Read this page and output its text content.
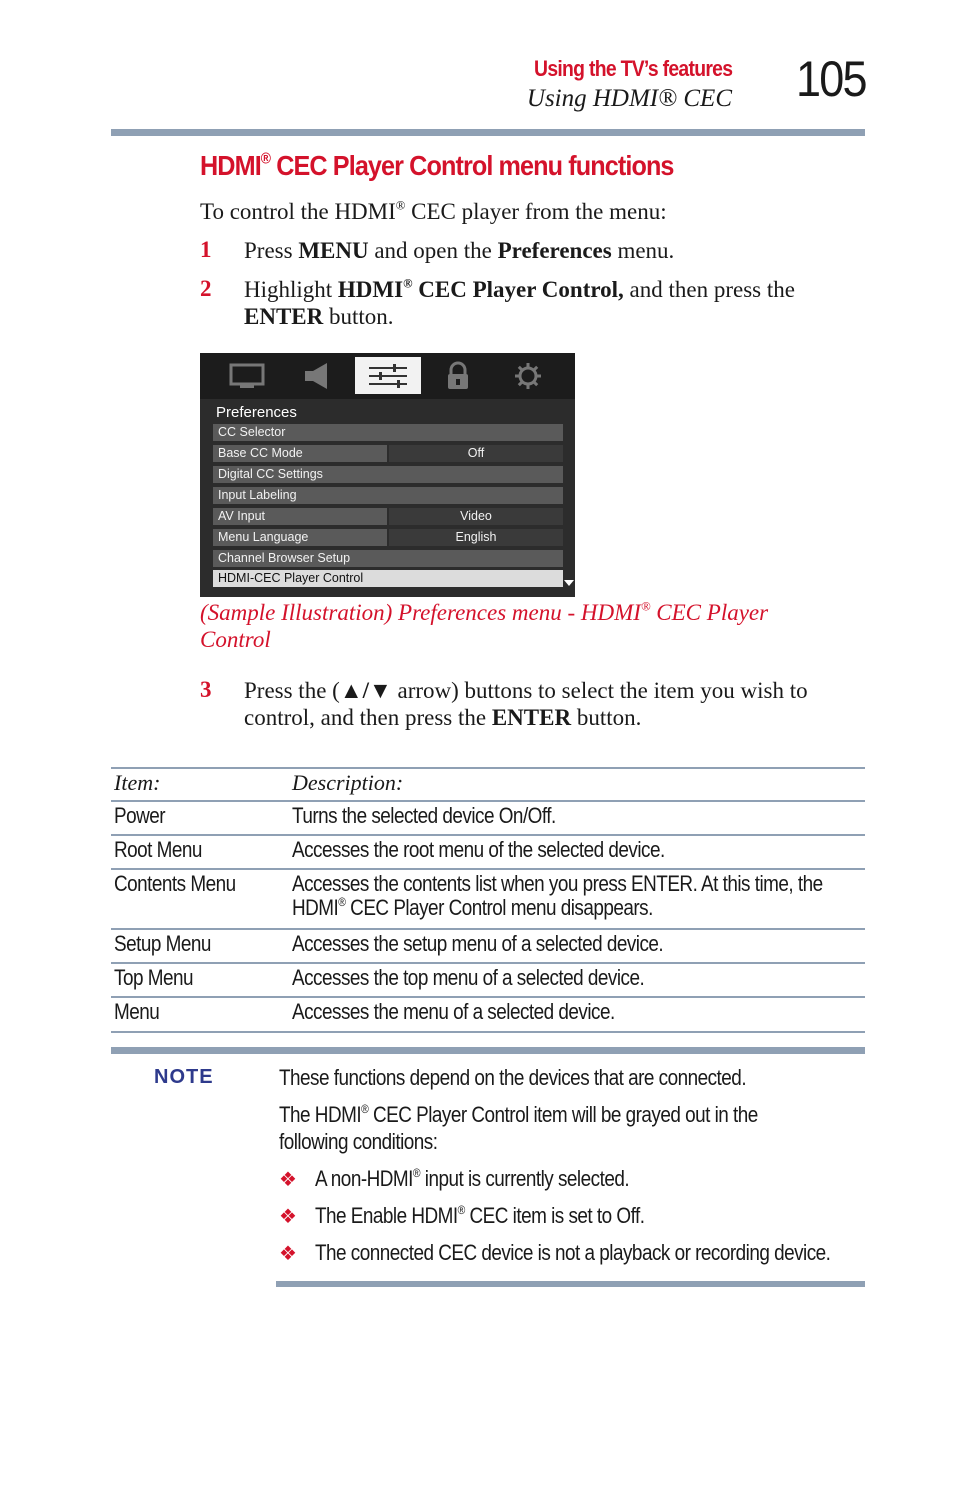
Using the TV’s features
Using HDMI® CEC 105
HDMI® CEC Player Control menu functions
To control the HDMI® CEC player from the menu:
1 Press MENU and open the Preferences menu.
2 Highlight HDMI® CEC Player Control, and then press the
ENTER button.
Preferences
CC Selector
Base CC Mode	Off
Digital CC Settings
Input Labeling
AV Input	Video
Menu Language	English
Channel Browser Setup
HDMI-CEC Player Control
(Sample Illustration) Preferences menu - HDMI® CEC Player
Control
3 Press the (▲/▼ arrow) buttons to select the item you wish to
control, and then press the ENTER button.
Item:	Description:
Power	Turns the selected device On/Off.
Root Menu	Accesses the root menu of the selected device.
Contents Menu	Accesses the contents list when you press ENTER. At this time, the
HDMI® CEC Player Control menu disappears.
Setup Menu	Accesses the setup menu of a selected device.
Top Menu	Accesses the top menu of a selected device.
Menu	Accesses the menu of a selected device.
NOTE	These functions depend on the devices that are connected.
The HDMI® CEC Player Control item will be grayed out in the
following conditions:
❖ A non-HDMI® input is currently selected.
❖ The Enable HDMI® CEC item is set to Off.
❖ The connected CEC device is not a playback or recording device.
